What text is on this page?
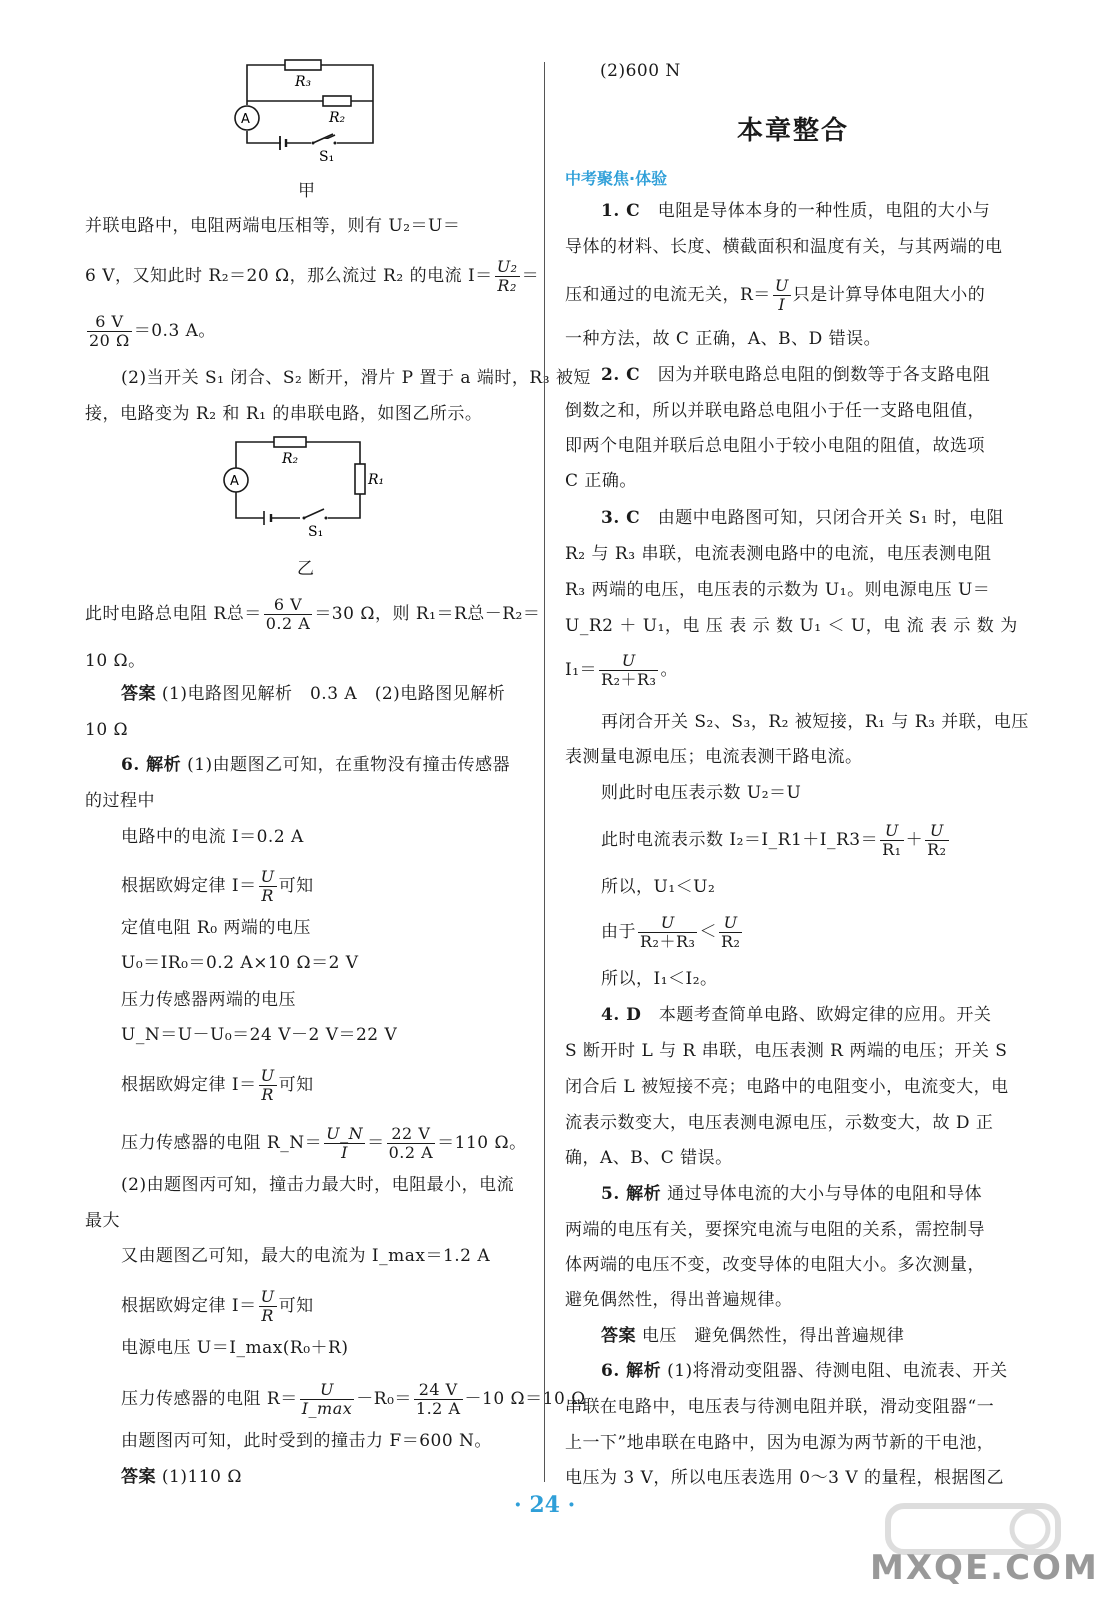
R₃
R₂
A
S₁
甲
并联电路中，电阻两端电压相等，则有 U₂＝U＝
6 V，又知此时 R₂＝20 Ω，那么流过 R₂ 的电流 $I= \frac{\text{U₂}}{\text{R₂}}$ ＝
$\frac{6 V}{20 \Omega} =0.3$ A。
(2)当开关 S₁ 闭合、S₂ 断开，滑片 P 置于 a 端时，R₃ 被短
接，电路变为 R₂ 和 R₁ 的串联电路，如图乙所示。
R₂
R₁
A
S₁
乙
此时电路总电阻 R总＝ $\frac{6 V}{0.2 A} =30$ Ω，则 R₁＝R总－R₂＝
10 Ω。
答案 (1)电路图见解析　0.3 A　(2)电路图见解析
10 Ω
6. 解析 (1)由题图乙可知，在重物没有撞击传感器
的过程中
电路中的电流 I＝0.2 A
根据欧姆定律 $I= \frac{U}{R}$ 可知
定值电阻 R₀ 两端的电压
U₀＝IR₀＝0.2 A×10 Ω＝2 V
压力传感器两端的电压
U_N＝U－U₀＝24 V－2 V＝22 V
根据欧姆定律 $I= \frac{U}{R}$ 可知
压力传感器的电阻 R_N＝ $\frac{U\_N}{I} = \frac{22 V}{0.2 A} =110$ Ω。
(2)由题图丙可知，撞击力最大时，电阻最小，电流
最大
又由题图乙可知，最大的电流为 I_max＝1.2 A
根据欧姆定律 $I= \frac{U}{R}$ 可知
电源电压 U＝I_max(R₀＋R)
压力传感器的电阻 $R= \frac{U}{I\_\max} -R_0= \frac{24 V}{1.2 A} -10$ Ω＝10 Ω
由题图丙可知，此时受到的撞击力 F＝600 N。
答案 (1)110 Ω
(2)600 N
本章整合
中考聚焦·体验
1. C　 电阻是导体本身的一种性质，电阻的大小与
导体的材料、长度、横截面积和温度有关，与其两端的电
压和通过的电流无关，$R= \frac{U}{I}$ 只是计算导体电阻大小的
一种方法，故 C 正确，A、B、D 错误。
2. C　 因为并联电路总电阻的倒数等于各支路电阻
倒数之和，所以并联电路总电阻小于任一支路电阻值，
即两个电阻并联后总电阻小于较小电阻的阻值，故选项
C 正确。
3. C　 由题中电路图可知，只闭合开关 S₁ 时，电阻
R₂ 与 R₃ 串联，电流表测电路中的电流，电压表测电阻
R₃ 两端的电压，电压表的示数为 U₁。则电源电压 U＝
U_R2 ＋ U₁，电 压 表 示 数 U₁ ＜ U，电 流 表 示 数 为
$I_1= \frac{U}{\text{R₂＋R₃}}$ 。
再闭合开关 S₂、S₃，R₂ 被短接，R₁ 与 R₃ 并联，电压
表测量电源电压；电流表测干路电流。
则此时电压表示数 U₂＝U
此时电流表示数 I₂＝I_R1＋I_R3＝ $\frac{U}{\text{R₁}} + \frac{U}{\text{R₂}}$
所以，U₁＜U₂
由于 $\frac{U}{\text{R₂＋R₃}} < \frac{U}{\text{R₂}}$
所以，I₁＜I₂。
4. D　 本题考查简单电路、欧姆定律的应用。开关
S 断开时 L 与 R 串联，电压表测 R 两端的电压；开关 S
闭合后 L 被短接不亮；电路中的电阻变小，电流变大，电
流表示数变大，电压表测电源电压，示数变大，故 D 正
确，A、B、C 错误。
5. 解析 通过导体电流的大小与导体的电阻和导体
两端的电压有关，要探究电流与电阻的关系，需控制导
体两端的电压不变，改变导体的电阻大小。多次测量，
避免偶然性，得出普遍规律。
答案 电压　避免偶然性，得出普遍规律
6. 解析 (1)将滑动变阻器、待测电阻、电流表、开关
串联在电路中，电压表与待测电阻并联，滑动变阻器“一
上一下”地串联在电路中，因为电源为两节新的干电池，
电压为 3 V，所以电压表选用 0～3 V 的量程，根据图乙
· 24 ·
MXQE.COM
